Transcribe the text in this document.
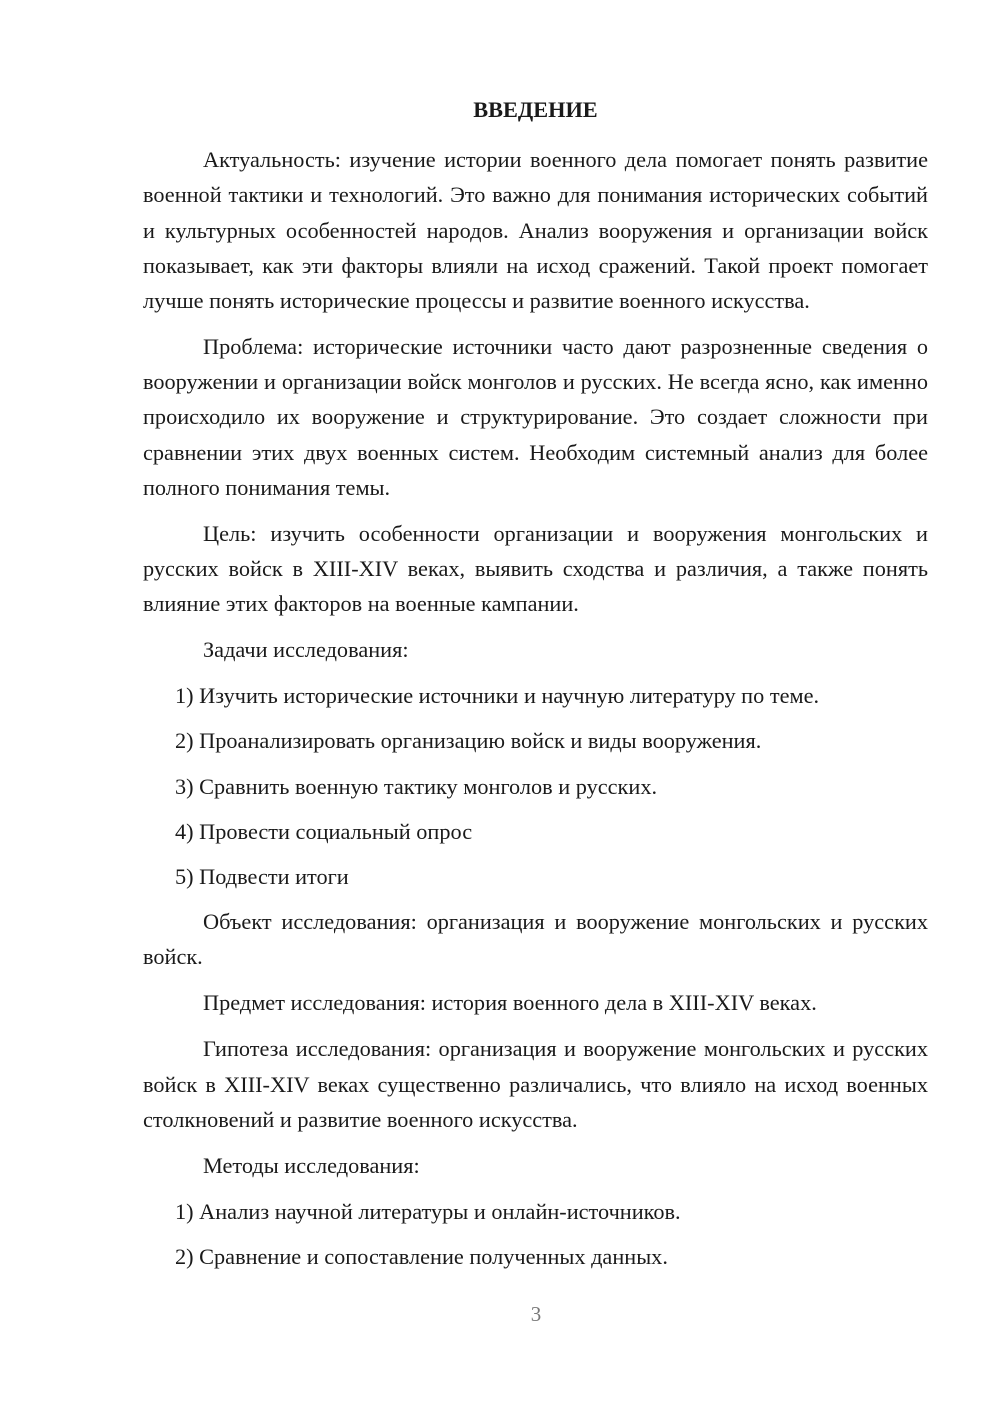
ВВЕДЕНИЕ

Актуальность: изучение истории военного дела помогает понять развитие военной тактики и технологий. Это важно для понимания исторических событий и культурных особенностей народов. Анализ вооружения и организации войск показывает, как эти факторы влияли на исход сражений. Такой проект помогает лучше понять исторические процессы и развитие военного искусства.

Проблема: исторические источники часто дают разрозненные сведения о вооружении и организации войск монголов и русских. Не всегда ясно, как именно происходило их вооружение и структурирование. Это создает сложности при сравнении этих двух военных систем. Необходим системный анализ для более полного понимания темы.

Цель: изучить особенности организации и вооружения монгольских и русских войск в XIII-XIV веках, выявить сходства и различия, а также понять влияние этих факторов на военные кампании.

Задачи исследования:

1) Изучить исторические источники и научную литературу по теме.

2) Проанализировать организацию войск и виды вооружения.

3) Сравнить военную тактику монголов и русских.

4) Провести социальный опрос

5) Подвести итоги

Объект исследования: организация и вооружение монгольских и русских войск.

Предмет исследования: история военного дела в XIII-XIV веках.

Гипотеза исследования: организация и вооружение монгольских и русских войск в XIII-XIV веках существенно различались, что влияло на исход военных столкновений и развитие военного искусства.

Методы исследования:

1) Анализ научной литературы и онлайн-источников.

2) Сравнение и сопоставление полученных данных.

3
